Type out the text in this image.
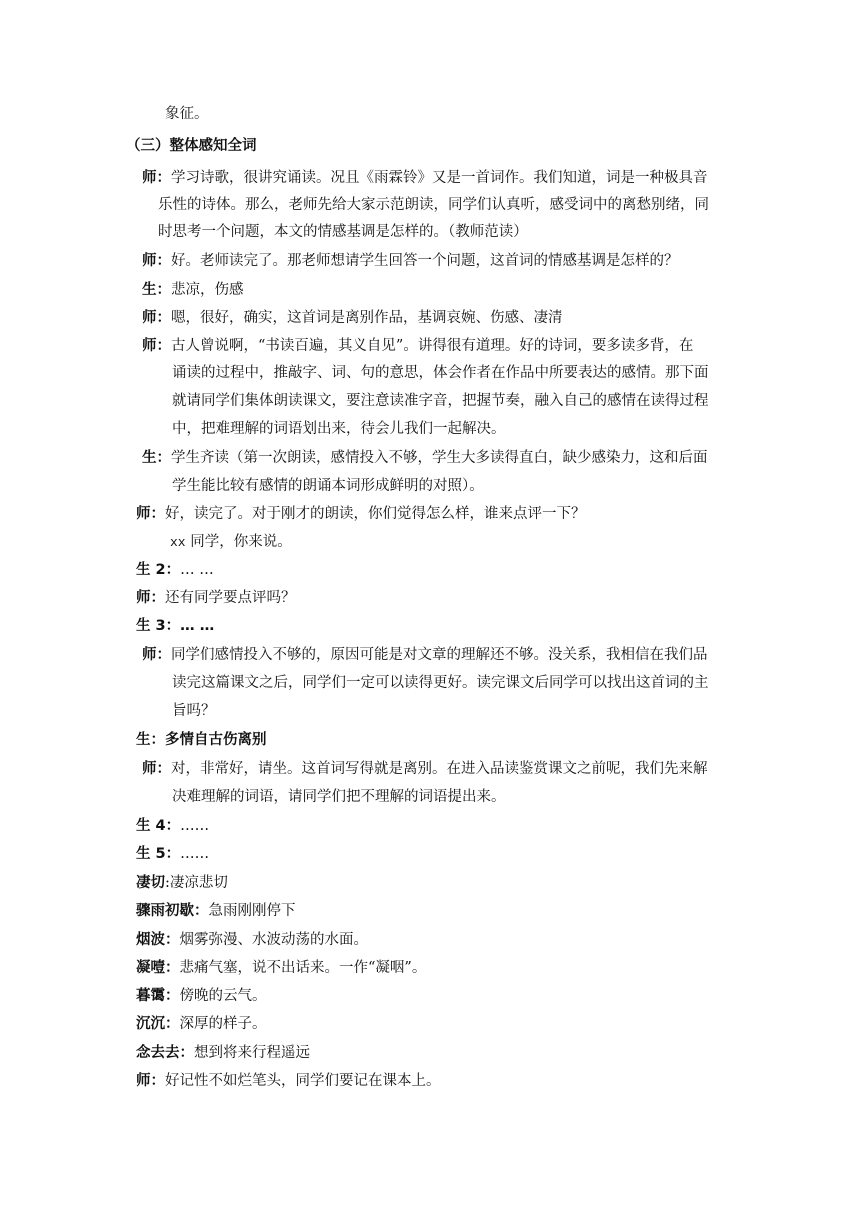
象征。

（三）整体感知全词

师：学习诗歌，很讲究诵读。况且《雨霖铃》又是一首词作。我们知道，词是一种极具音

乐性的诗体。那么，老师先给大家示范朗读，同学们认真听，感受词中的离愁别绪，同

时思考一个问题，本文的情感基调是怎样的。（教师范读）

师：好。老师读完了。那老师想请学生回答一个问题，这首词的情感基调是怎样的？

生：悲凉，伤感

师：嗯，很好，确实，这首词是离别作品，基调哀婉、伤感、凄清

师：古人曾说啊，“书读百遍，其义自见”。讲得很有道理。好的诗词，要多读多背，在

诵读的过程中，推敲字、词、句的意思，体会作者在作品中所要表达的感情。那下面

就请同学们集体朗读课文，要注意读准字音，把握节奏，融入自己的感情在读得过程

中，把难理解的词语划出来，待会儿我们一起解决。

生：学生齐读（第一次朗读，感情投入不够，学生大多读得直白，缺少感染力，这和后面

学生能比较有感情的朗诵本词形成鲜明的对照）。

师：好，读完了。对于刚才的朗读，你们觉得怎么样，谁来点评一下？

xx 同学，你来说。

生 2：… …

师：还有同学要点评吗？

生 3：… …

师：同学们感情投入不够的，原因可能是对文章的理解还不够。没关系，我相信在我们品

读完这篇课文之后，同学们一定可以读得更好。读完课文后同学可以找出这首词的主

旨吗？

生：多情自古伤离别

师：对，非常好，请坐。这首词写得就是离别。在进入品读鉴赏课文之前呢，我们先来解

决难理解的词语，请同学们把不理解的词语提出来。

生 4：……

生 5：……

凄切:凄凉悲切

骤雨初歇：急雨刚刚停下

烟波：烟雾弥漫、水波动荡的水面。

凝噎：悲痛气塞，说不出话来。一作“凝咽”。

暮霭：傍晚的云气。

沉沉：深厚的样子。

念去去：想到将来行程遥远

师：好记性不如烂笔头，同学们要记在课本上。
